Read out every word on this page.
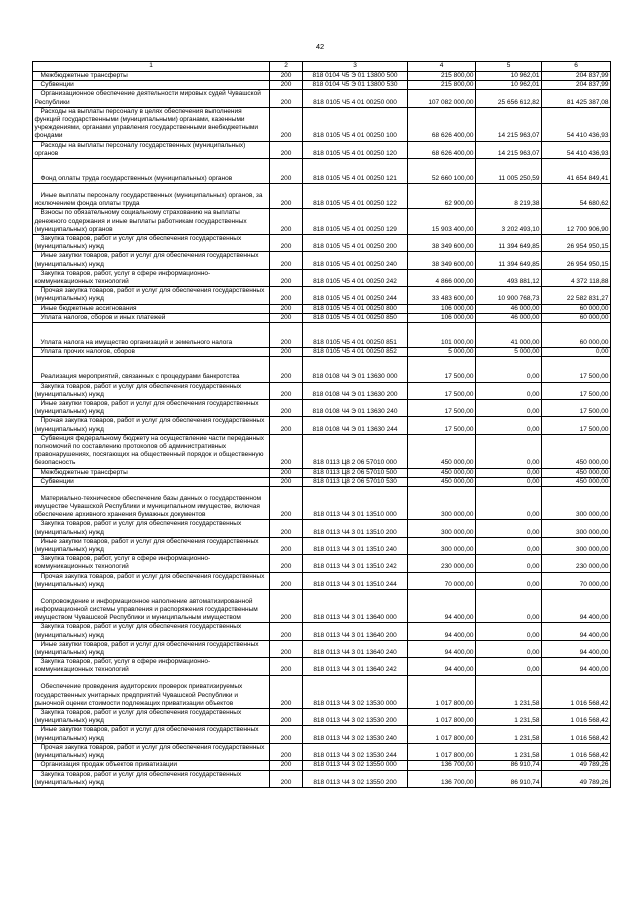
42
1	2	3	4	5	6
Межбюджетные трансферты	200	818 0104 Ч5 Э 01 13800 500	215 800,00	10 962,01	204 837,99
Субвенции	200	818 0104 Ч5 Э 01 13800 530	215 800,00	10 962,01	204 837,99
Организационное обеспечение деятельности мировых судей Чувашской Республики	200	818 0105 Ч5 4 01 00250 000	107 082 000,00	25 656 612,82	81 425 387,08
Расходы на выплаты персоналу в целях обеспечения выполнения функций государственными (муниципальными) органами, казенными учреждениями, органами управления государственными внебюджетными фондами	200	818 0105 Ч5 4 01 00250 100	68 626 400,00	14 215 963,07	54 410 436,93
Расходы на выплаты персоналу государственных (муниципальных) органов	200	818 0105 Ч5 4 01 00250 120	68 626 400,00	14 215 963,07	54 410 436,93
Фонд оплаты труда государственных (муниципальных) органов	200	818 0105 Ч5 4 01 00250 121	52 660 100,00	11 005 250,59	41 654 849,41
Иные выплаты персоналу государственных (муниципальных) органов, за исключением фонда оплаты труда	200	818 0105 Ч5 4 01 00250 122	62 900,00	8 219,38	54 680,62
Взносы по обязательному социальному страхованию на выплаты денежного содержания и иные выплаты работникам государственных (муниципальных) органов	200	818 0105 Ч5 4 01 00250 129	15 903 400,00	3 202 493,10	12 700 906,90
Закупка товаров, работ и услуг для обеспечения государственных (муниципальных) нужд	200	818 0105 Ч5 4 01 00250 200	38 349 600,00	11 394 649,85	26 954 950,15
Иные закупки товаров, работ и услуг для обеспечения государственных (муниципальных) нужд	200	818 0105 Ч5 4 01 00250 240	38 349 600,00	11 394 649,85	26 954 950,15
Закупка товаров, работ, услуг в сфере информационно-коммуникационных технологий	200	818 0105 Ч5 4 01 00250 242	4 866 000,00	493 881,12	4 372 118,88
Прочая закупка товаров, работ и услуг для обеспечения государственных (муниципальных) нужд	200	818 0105 Ч5 4 01 00250 244	33 483 600,00	10 900 768,73	22 582 831,27
Иные бюджетные ассигнования	200	818 0105 Ч5 4 01 00250 800	106 000,00	46 000,00	60 000,00
Уплата налогов, сборов и иных платежей	200	818 0105 Ч5 4 01 00250 850	106 000,00	46 000,00	60 000,00
Уплата налога на имущество организаций и земельного налога	200	818 0105 Ч5 4 01 00250 851	101 000,00	41 000,00	60 000,00
Уплата прочих налогов, сборов	200	818 0105 Ч5 4 01 00250 852	5 000,00	5 000,00	0,00
Реализация мероприятий, связанных с процедурами банкротства	200	818 0108 Ч4 Э 01 13630 000	17 500,00	0,00	17 500,00
Закупка товаров, работ и услуг для обеспечения государственных (муниципальных) нужд	200	818 0108 Ч4 Э 01 13630 200	17 500,00	0,00	17 500,00
Иные закупки товаров, работ и услуг для обеспечения государственных (муниципальных) нужд	200	818 0108 Ч4 Э 01 13630 240	17 500,00	0,00	17 500,00
Прочая закупка товаров, работ и услуг для обеспечения государственных (муниципальных) нужд	200	818 0108 Ч4 Э 01 13630 244	17 500,00	0,00	17 500,00
Субвенция федеральному бюджету на осуществление части переданных полномочий по составлению протоколов об административных правонарушениях, посягающих на общественный порядок и общественную безопасность	200	818 0113 Ц8 2 06 57010 000	450 000,00	0,00	450 000,00
Межбюджетные трансферты	200	818 0113 Ц8 2 06 57010 500	450 000,00	0,00	450 000,00
Субвенции	200	818 0113 Ц8 2 06 57010 530	450 000,00	0,00	450 000,00
Материально-техническое обеспечение базы данных о государственном имуществе Чувашской Республики и муниципальном имуществе, включая обеспечение архивного хранения бумажных документов	200	818 0113 Ч4 3 01 13510 000	300 000,00	0,00	300 000,00
Закупка товаров, работ и услуг для обеспечения государственных (муниципальных) нужд	200	818 0113 Ч4 3 01 13510 200	300 000,00	0,00	300 000,00
Иные закупки товаров, работ и услуг для обеспечения государственных (муниципальных) нужд	200	818 0113 Ч4 3 01 13510 240	300 000,00	0,00	300 000,00
Закупка товаров, работ, услуг в сфере информационно-коммуникационных технологий	200	818 0113 Ч4 3 01 13510 242	230 000,00	0,00	230 000,00
Прочая закупка товаров, работ и услуг для обеспечения государственных (муниципальных) нужд	200	818 0113 Ч4 3 01 13510 244	70 000,00	0,00	70 000,00
Сопровождение и информационное наполнение автоматизированной информационной системы управления и распоряжения государственным имуществом Чувашской Республики и муниципальным имуществом	200	818 0113 Ч4 3 01 13640 000	94 400,00	0,00	94 400,00
Закупка товаров, работ и услуг для обеспечения государственных (муниципальных) нужд	200	818 0113 Ч4 3 01 13640 200	94 400,00	0,00	94 400,00
Иные закупки товаров, работ и услуг для обеспечения государственных (муниципальных) нужд	200	818 0113 Ч4 3 01 13640 240	94 400,00	0,00	94 400,00
Закупка товаров, работ, услуг в сфере информационно-коммуникационных технологий	200	818 0113 Ч4 3 01 13640 242	94 400,00	0,00	94 400,00
Обеспечение проведения аудиторских проверок приватизируемых государственных унитарных предприятий Чувашской Республики и рыночной оценки стоимости подлежащих приватизации объектов	200	818 0113 Ч4 3 02 13530 000	1 017 800,00	1 231,58	1 016 568,42
Закупка товаров, работ и услуг для обеспечения государственных (муниципальных) нужд	200	818 0113 Ч4 3 02 13530 200	1 017 800,00	1 231,58	1 016 568,42
Иные закупки товаров, работ и услуг для обеспечения государственных (муниципальных) нужд	200	818 0113 Ч4 3 02 13530 240	1 017 800,00	1 231,58	1 016 568,42
Прочая закупка товаров, работ и услуг для обеспечения государственных (муниципальных) нужд	200	818 0113 Ч4 3 02 13530 244	1 017 800,00	1 231,58	1 016 568,42
Организация продаж объектов приватизации	200	818 0113 Ч4 3 02 13550 000	136 700,00	86 910,74	49 789,26
Закупка товаров, работ и услуг для обеспечения государственных (муниципальных) нужд	200	818 0113 Ч4 3 02 13550 200	136 700,00	86 910,74	49 789,26
